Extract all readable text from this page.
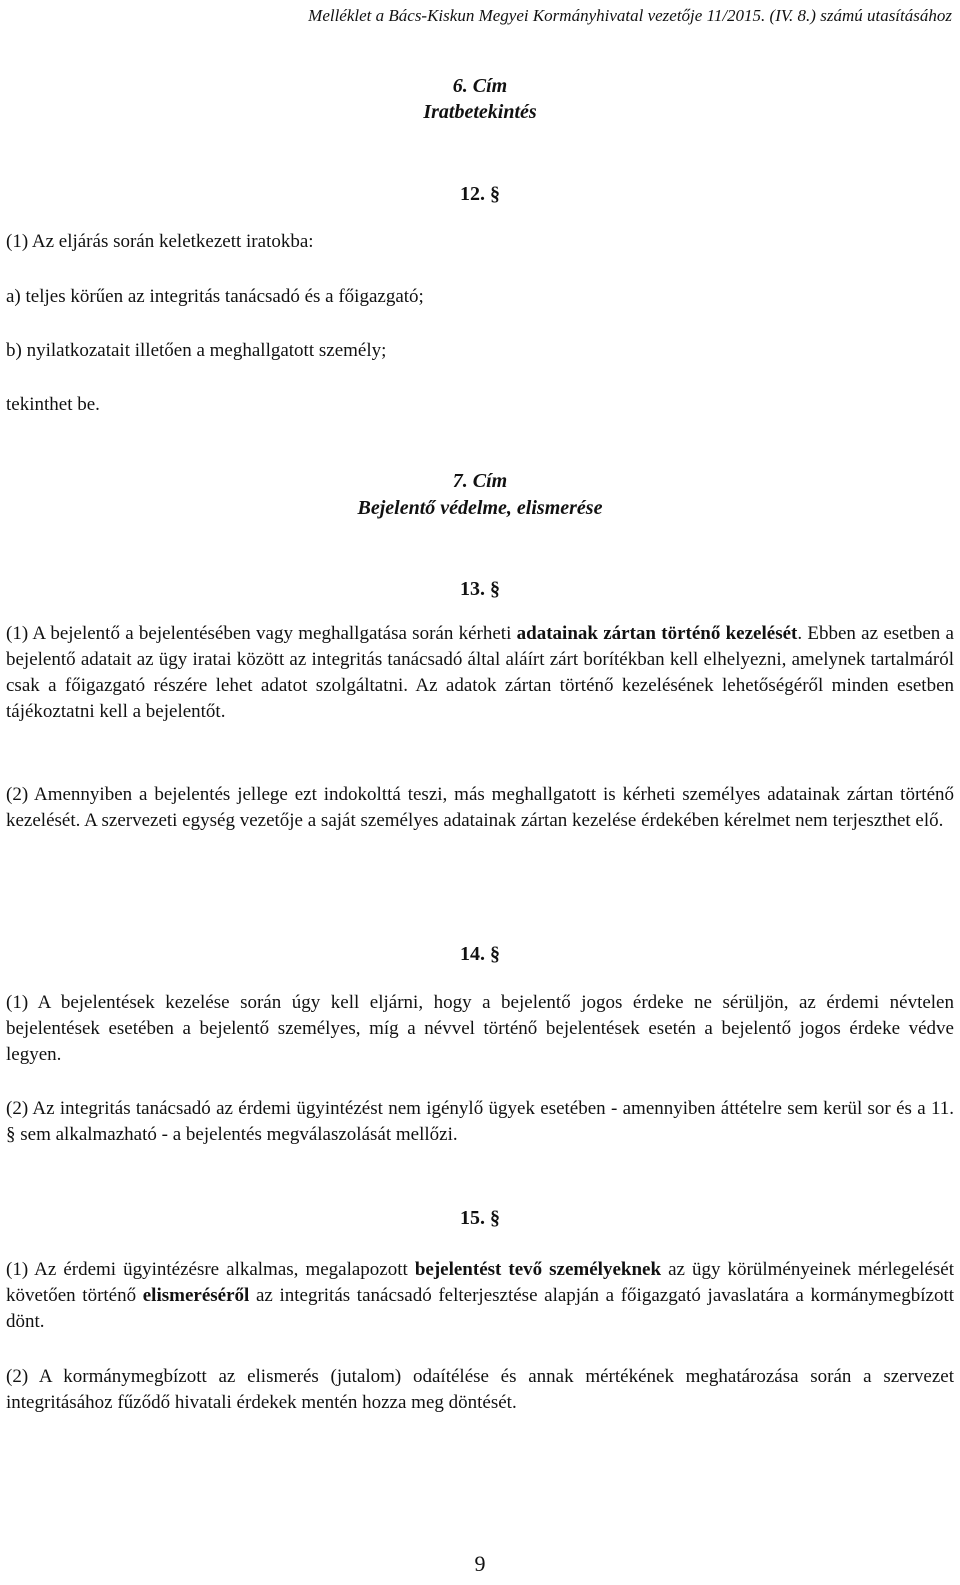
Melléklet a Bács-Kiskun Megyei Kormányhivatal vezetője 11/2015. (IV. 8.) számú utasításához
6. Cím
Iratbetekintés
12. §

(1) Az eljárás során keletkezett iratokba:

a) teljes körűen az integritás tanácsadó és a főigazgató;

b) nyilatkozatait illetően a meghallgatott személy;

tekinthet be.

7. Cím
Bejelentő védelme, elismerése
13. §

(1) A bejelentő a bejelentésében vagy meghallgatása során kérheti adatainak zártan történő kezelését. Ebben az esetben a bejelentő adatait az ügy iratai között az integritás tanácsadó által aláírt zárt borítékban kell elhelyezni, amelynek tartalmáról csak a főigazgató részére lehet adatot szolgáltatni. Az adatok zártan történő kezelésének lehetőségéről minden esetben tájékoztatni kell a bejelentőt.

(2) Amennyiben a bejelentés jellege ezt indokolttá teszi, más meghallgatott is kérheti személyes adatainak zártan történő kezelését. A szervezeti egység vezetője a saját személyes adatainak zártan kezelése érdekében kérelmet nem terjeszthet elő.

14. §

(1) A bejelentések kezelése során úgy kell eljárni, hogy a bejelentő jogos érdeke ne sérüljön, az érdemi névtelen bejelentések esetében a bejelentő személyes, míg a névvel történő bejelentések esetén a bejelentő jogos érdeke védve legyen.

(2) Az integritás tanácsadó az érdemi ügyintézést nem igénylő ügyek esetében - amennyiben áttételre sem kerül sor és a 11. § sem alkalmazható - a bejelentés megválaszolását mellőzi.

15. §

(1) Az érdemi ügyintézésre alkalmas, megalapozott bejelentést tevő személyeknek az ügy körülményeinek mérlegelését követően történő elismeréséről az integritás tanácsadó felterjesztése alapján a főigazgató javaslatára a kormánymegbízott dönt.

(2) A kormánymegbízott az elismerés (jutalom) odaítélése és annak mértékének meghatározása során a szervezet integritásához fűződő hivatali érdekek mentén hozza meg döntését.

9
